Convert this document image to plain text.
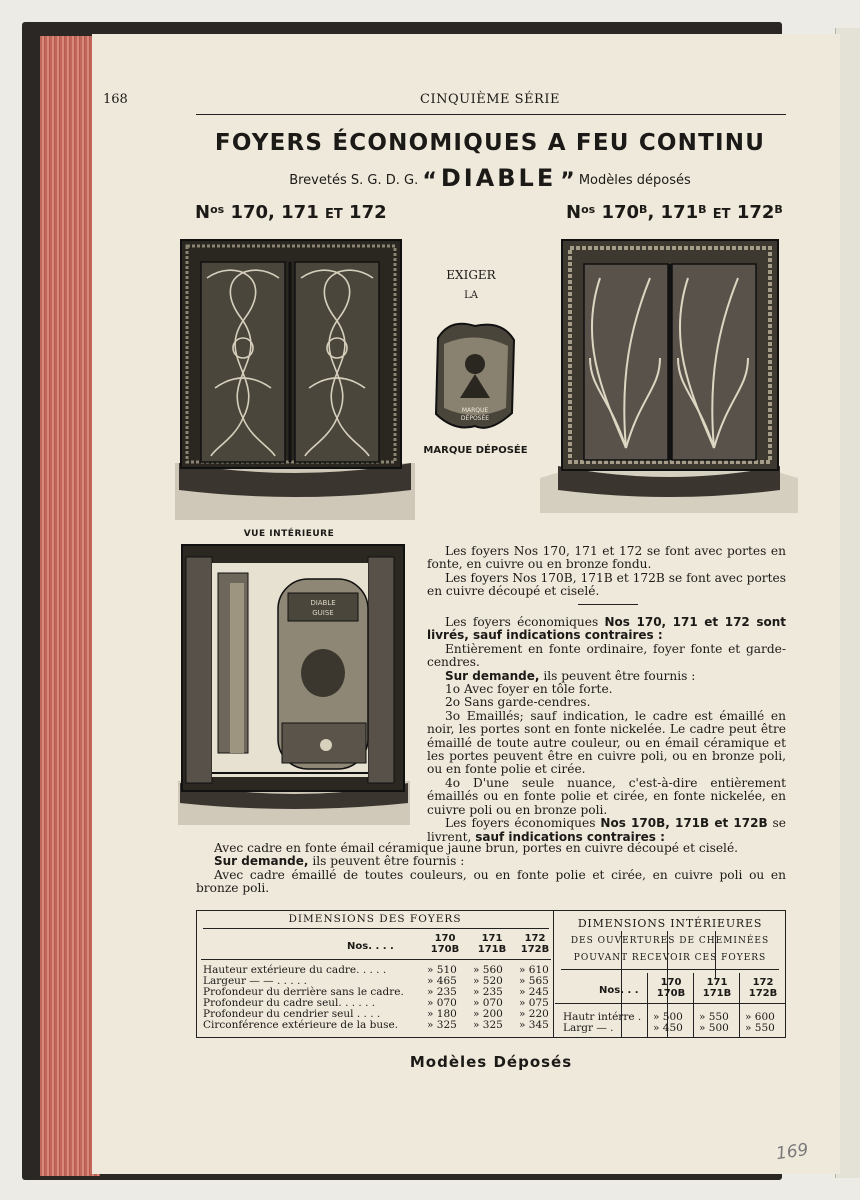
168	CINQUIÈME SÉRIE
FOYERS ÉCONOMIQUES A FEU CONTINU
Brevetés S. G. D. G. “ DIABLE ” Modèles déposés
$N^{os}$ 170, 171 ET 172	$N^{os}$ $170^B$, $171^B$ ET $172^B$
EXIGER
LA
MARQUE
DÉPOSÉE
MARQUE DÉPOSÉE
VUE INTÉRIEURE
DIABLE
GUISE

Les foyers Nos 170, 171 et 172 se font avec portes en fonte, en cuivre ou en bronze fondu.

Les foyers Nos 170B, 171B et 172B se font avec portes en cuivre découpé et ciselé.

Les foyers économiques Nos 170, 171 et 172 sont livrés, sauf indications contraires :

Entièrement en fonte ordinaire, foyer fonte et garde-cendres.

Sur demande, ils peuvent être fournis :

1o Avec foyer en tôle forte.

2o Sans garde-cendres.

3o Emaillés; sauf indication, le cadre est émaillé en noir, les portes sont en fonte nickelée. Le cadre peut être émaillé de toute autre couleur, ou en émail céramique et les portes peuvent être en cuivre poli, ou en bronze poli, ou en fonte polie et cirée.

4o D'une seule nuance, c'est-à-dire entièrement émaillés ou en fonte polie et cirée, en fonte nickelée, en cuivre poli ou en bronze poli.

Les foyers économiques Nos 170B, 171B et 172B se livrent, sauf indications contraires :

Avec cadre en fonte émail céramique jaune brun, portes en cuivre découpé et ciselé.

Sur demande, ils peuvent être fournis :

Avec cadre émaillé de toutes couleurs, ou en fonte polie et cirée, en cuivre poli ou en bronze poli.

DIMENSIONS DES FOYERS
Nos. . . .
170
170B
171
171B
172
172B
Hauteur extérieure du cadre. . . . .
Largeur — — . . . . .
Profondeur du derrière sans le cadre.
Profondeur du cadre seul. . . . . .
Profondeur du cendrier seul . . . .
Circonférence extérieure de la buse.
» 510 » 560 » 610
» 465 » 520 » 565
» 235 » 235 » 245
» 070 » 070 » 075
» 180 » 200 » 220
» 325 » 325 » 345
DIMENSIONS INTÉRIEURES
DES OUVERTURES DE CHEMINÉES
POUVANT RECEVOIR CES FOYERS
Nos. . .
170
170B
171
171B
172
172B
Hautr intérre .
Largr — .
» 500 » 550 » 600
» 450 » 500 » 550
Modèles Déposés
169
